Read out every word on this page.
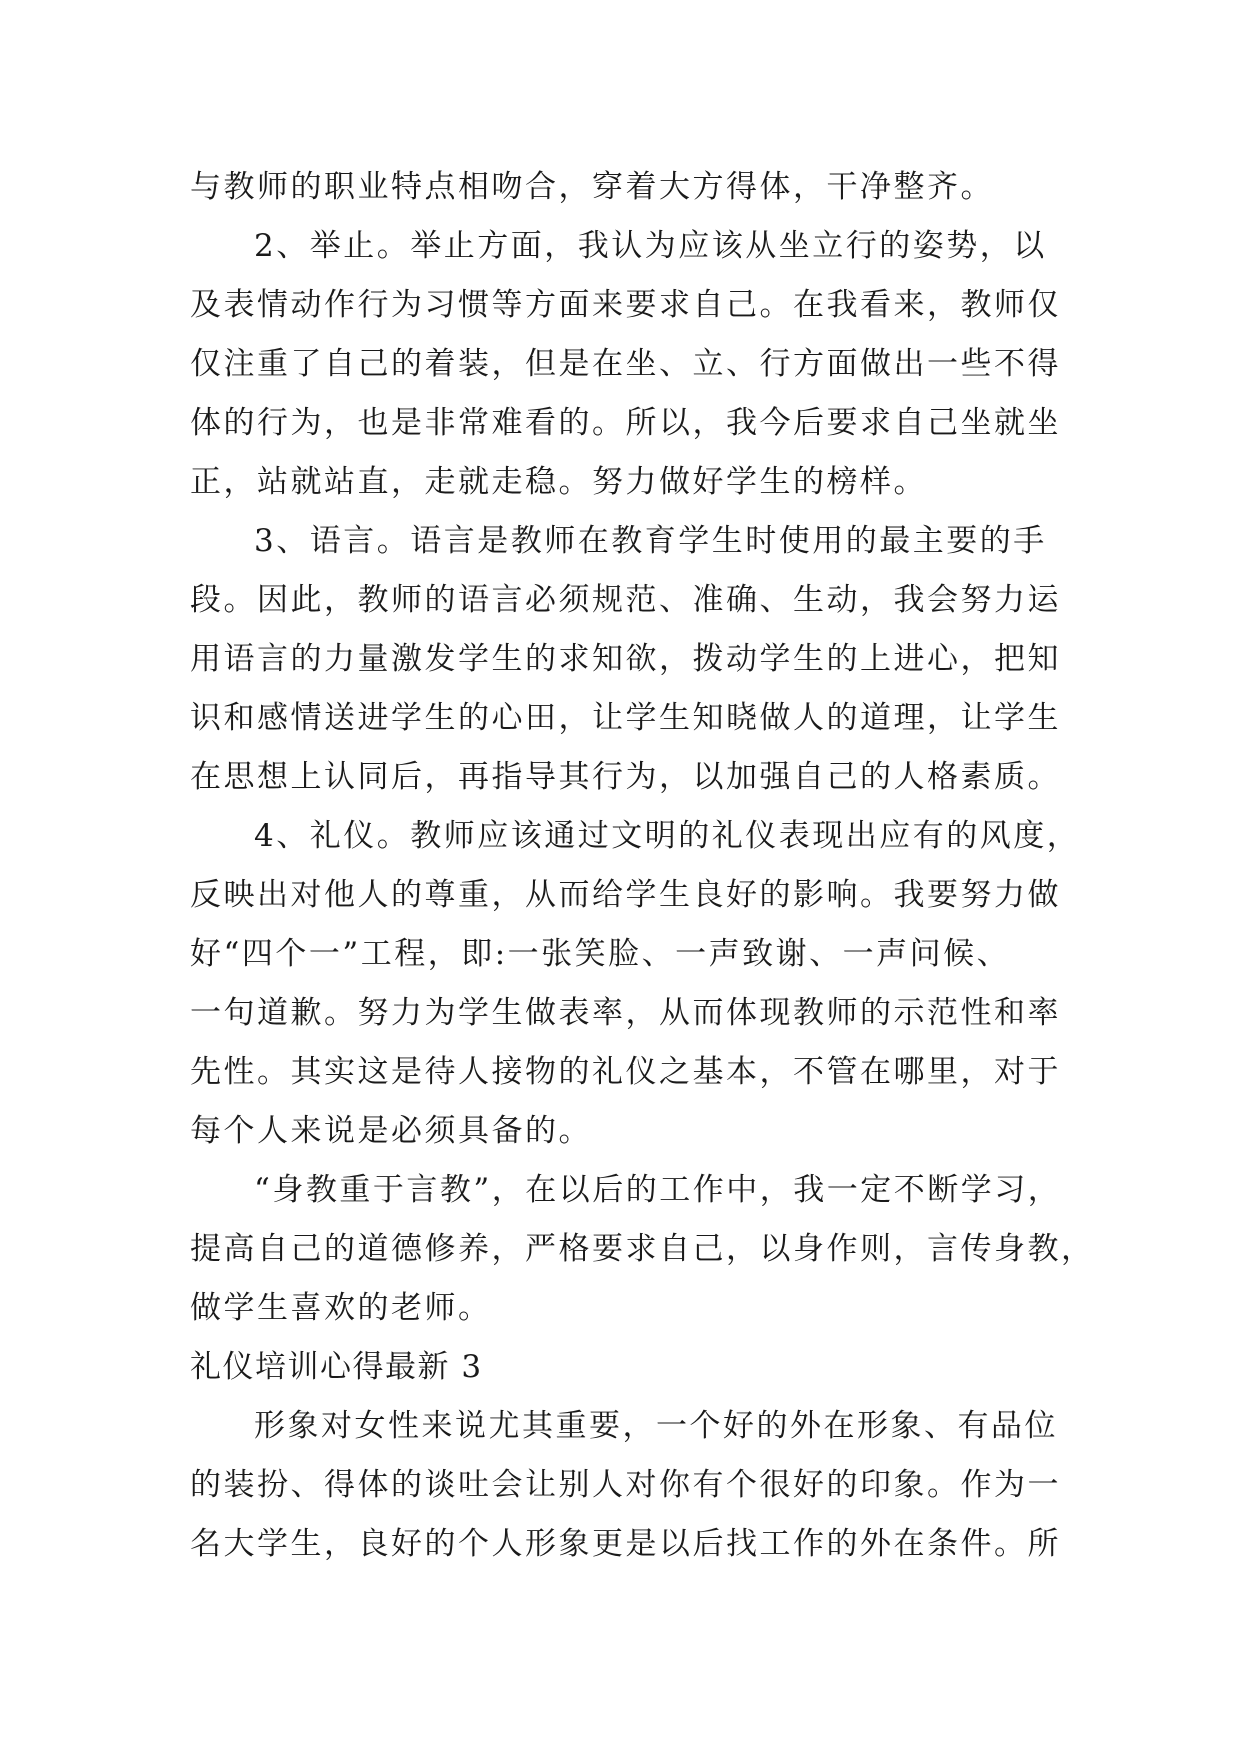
与教师的职业特点相吻合，穿着大方得体，干净整齐。
2、举止。举止方面，我认为应该从坐立行的姿势，以
及表情动作行为习惯等方面来要求自己。在我看来，教师仅
仅注重了自己的着装，但是在坐、立、行方面做出一些不得
体的行为，也是非常难看的。所以，我今后要求自己坐就坐
正，站就站直，走就走稳。努力做好学生的榜样。
3、语言。语言是教师在教育学生时使用的最主要的手
段。因此，教师的语言必须规范、准确、生动，我会努力运
用语言的力量激发学生的求知欲，拨动学生的上进心，把知
识和感情送进学生的心田，让学生知晓做人的道理，让学生
在思想上认同后，再指导其行为，以加强自己的人格素质。
4、礼仪。教师应该通过文明的礼仪表现出应有的风度，
反映出对他人的尊重，从而给学生良好的影响。我要努力做
好“四个一”工程，即:一张笑脸、一声致谢、一声问候、
一句道歉。努力为学生做表率，从而体现教师的示范性和率
先性。其实这是待人接物的礼仪之基本，不管在哪里，对于
每个人来说是必须具备的。
“身教重于言教”，在以后的工作中，我一定不断学习，
提高自己的道德修养，严格要求自己，以身作则，言传身教，
做学生喜欢的老师。
礼仪培训心得最新 3
形象对女性来说尤其重要，一个好的外在形象、有品位
的装扮、得体的谈吐会让别人对你有个很好的印象。作为一
名大学生，良好的个人形象更是以后找工作的外在条件。所
